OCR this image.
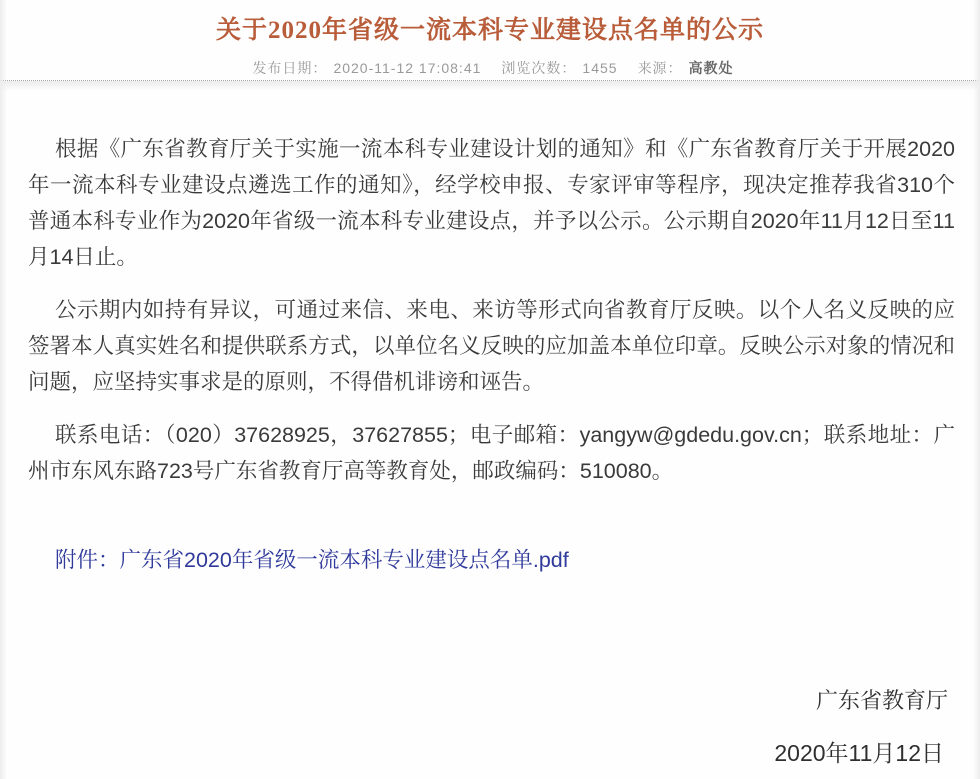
关于2020年省级一流本科专业建设点名单的公示
发布日期： 2020-11-12 17:08:41 浏览次数： 1455 来源： 高教处

根据《广东省教育厅关于实施一流本科专业建设计划的通知》和《广东省教育厅关于开展2020年一流本科专业建设点遴选工作的通知》，经学校申报、专家评审等程序，现决定推荐我省310个普通本科专业作为2020年省级一流本科专业建设点，并予以公示。公示期自2020年11月12日至11月14日止。

公示期内如持有异议，可通过来信、来电、来访等形式向省教育厅反映。以个人名义反映的应签署本人真实姓名和提供联系方式，以单位名义反映的应加盖本单位印章。反映公示对象的情况和问题，应坚持实事求是的原则，不得借机诽谤和诬告。

联系电话：（020）37628925，37627855；电子邮箱：yangyw@gdedu.gov.cn；联系地址：广州市东风东路723号广东省教育厅高等教育处，邮政编码：510080。

附件：广东省2020年省级一流本科专业建设点名单.pdf

广东省教育厅
2020年11月12日
